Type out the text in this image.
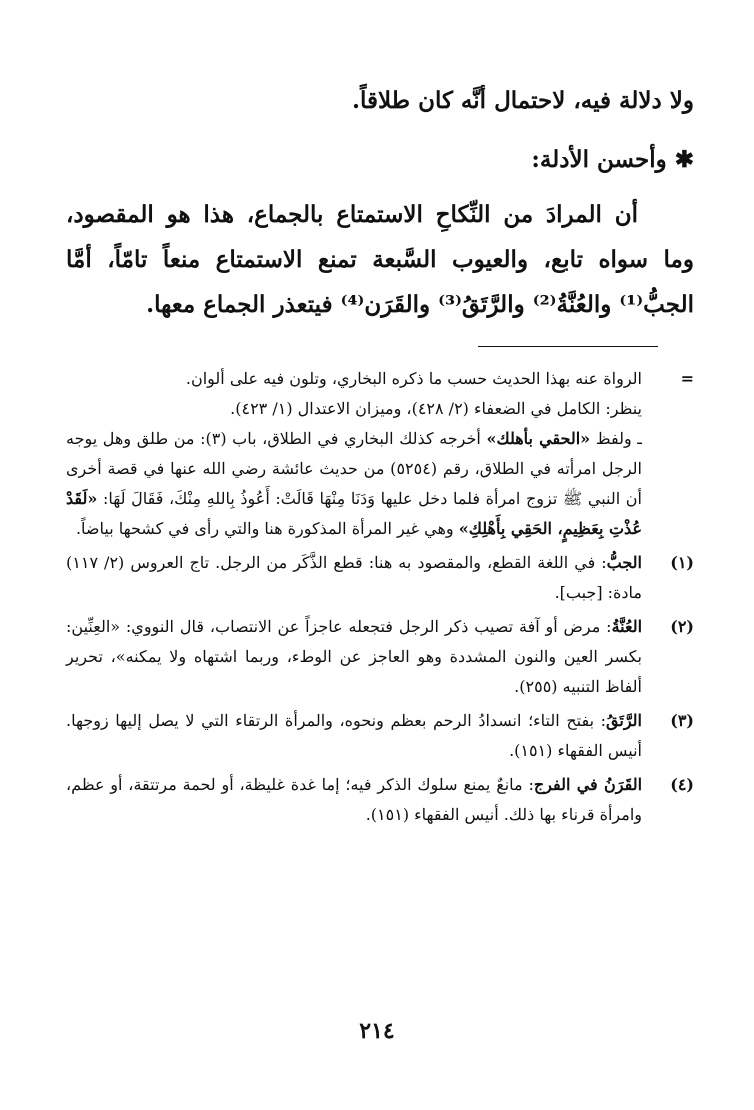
ولا دلالة فيه، لاحتمال أنَّه كان طلاقاً.

✱وأحسن الأدلة:

أن المرادَ من النِّكاحِ الاستمتاع بالجماع، هذا هو المقصود، وما سواه تابع، والعيوب السَّبعة تمنع الاستمتاع منعاً تامّاً، أمَّا الجبُّ⁽¹⁾ والعُنَّةُ⁽²⁾ والرَّتَقُ⁽³⁾ والقَرَن⁽⁴⁾ فيتعذر الجماع معها.

=
الرواة عنه بهذا الحديث حسب ما ذكره البخاري، وتلون فيه على ألوان.
ينظر: الكامل في الضعفاء (٢/ ٤٢٨)، وميزان الاعتدال (١/ ٤٢٣).
ـ ولفظ «الحقي بأهلك» أخرجه كذلك البخاري في الطلاق، باب (٣): من طلق وهل يوجه الرجل امرأته في الطلاق، رقم (٥٢٥٤) من حديث عائشة رضي الله عنها في قصة أخرى أن النبي ﷺ تزوج امرأة فلما دخل عليها وَدَنَا مِنْهَا قَالَتْ: أَعُوذُ بِاللهِ مِنْكَ، فَقَالَ لَهَا: «لَقَدْ عُذْتِ بِعَظِيمٍ، الحَقِي بِأَهْلِكِ» وهي غير المرأة المذكورة هنا والتي رأى في كشحها بياضاً.
(١)
الجبُّ: في اللغة القطع، والمقصود به هنا: قطع الذَّكَر من الرجل. تاج العروس (٢/ ١١٧) مادة: [جبب].
(٢)
العُنَّةُ: مرض أو آفة تصيب ذكر الرجل فتجعله عاجزاً عن الانتصاب، قال النووي: «العِنِّين: بكسر العين والنون المشددة وهو العاجز عن الوطء، وربما اشتهاه ولا يمكنه»، تحرير ألفاظ التنبيه (٢٥٥).
(٣)
الرَّتَقُ: بفتح التاء؛ انسدادُ الرحم بعظم ونحوه، والمرأة الرتقاء التي لا يصل إليها زوجها. أنيس الفقهاء (١٥١).
(٤)
القَرَنُ في الفرج: مانعٌ يمنع سلوك الذكر فيه؛ إما غدة غليظة، أو لحمة مرتتقة، أو عظم، وامرأة قرناء بها ذلك. أنيس الفقهاء (١٥١).
٢١٤
